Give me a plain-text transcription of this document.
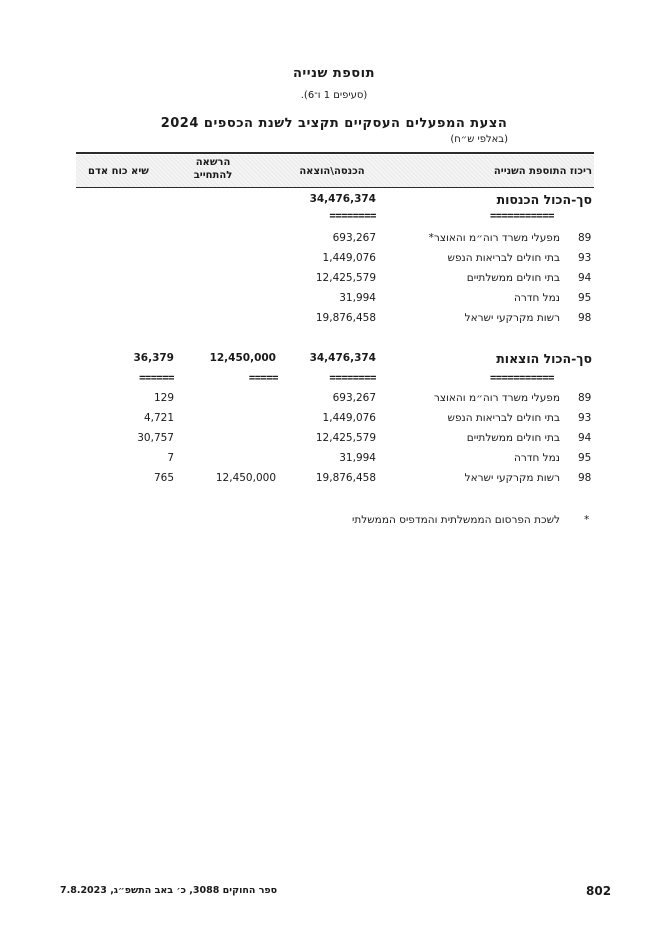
תוספת שנייה
(סעיפים 1 ו־6).
הצעת המפעלים העסקיים תקציב לשנת הכספים 2024
(באלפי ש״ח)
ריכוז התוספת השנייה
הכנסה\הוצאה
הרשאה
להתחייב
שיא כוח אדם
סך-הכול הכנסות
34,476,374
===========
========
89
מפעלי משרד רוה״מ והאוצר*
693,267
93
בתי חולים לבריאות הנפש
1,449,076
94
בתי חולים ממשלתיים
12,425,579
95
נמל חדרה
31,994
98
רשות מקרקעי ישראל
19,876,458
סך-הכול הוצאות
34,476,374
12,450,000
36,379
===========
========
=====
======
89
מפעלי משרד רוה״מ והאוצר
693,267
129
93
בתי חולים לבריאות הנפש
1,449,076
4,721
94
בתי חולים ממשלתיים
12,425,579
30,757
95
נמל חדרה
31,994
7
98
רשות מקרקעי ישראל
19,876,458
12,450,000
765
*
לשכת הפרסום הממשלתית והמדפיס הממשלתי
802
ספר החוקים 3088, כ׳ באב התשפ״ג, 7.8.2023
